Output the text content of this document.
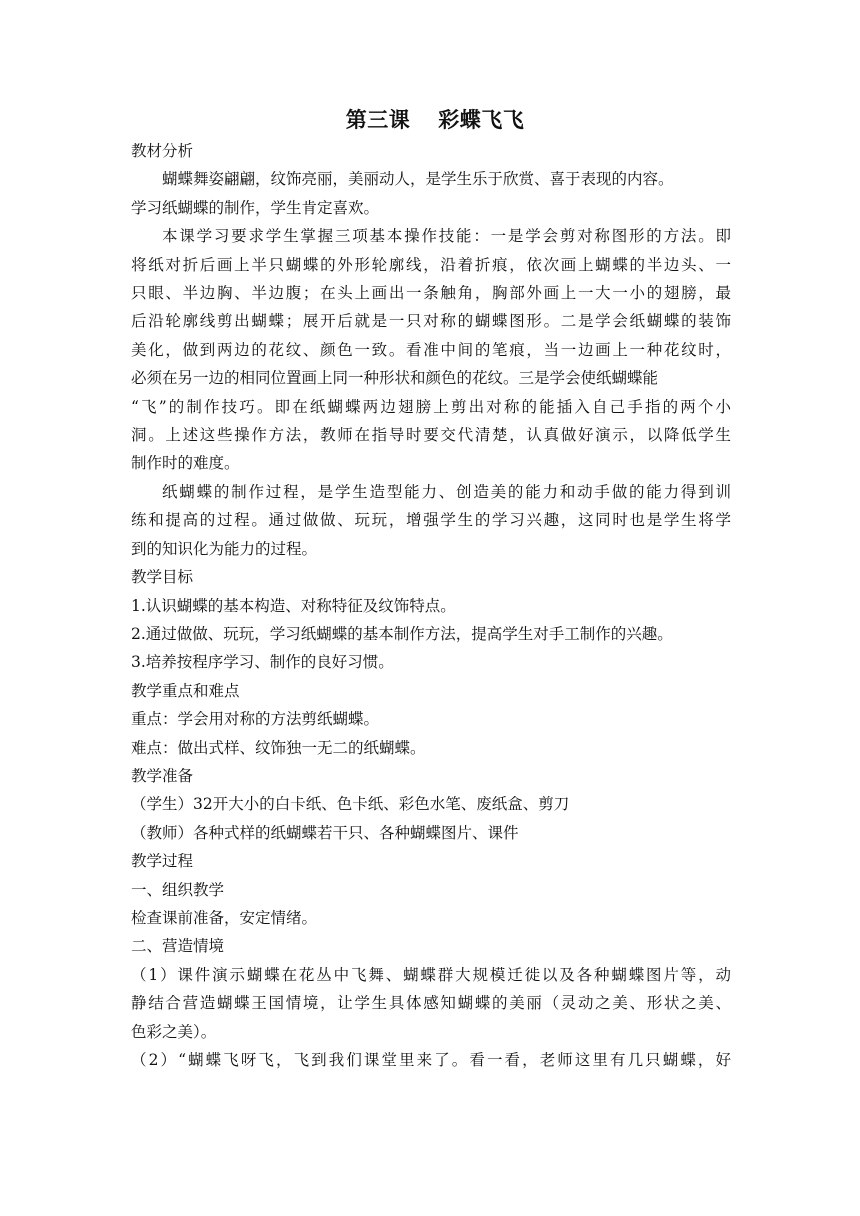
第三课 彩蝶飞飞

教材分析

蝴蝶舞姿翩翩，纹饰亮丽，美丽动人，是学生乐于欣赏、喜于表现的内容。

学习纸蝴蝶的制作，学生肯定喜欢。

本课学习要求学生掌握三项基本操作技能：一是学会剪对称图形的方法。即

将纸对折后画上半只蝴蝶的外形轮廓线，沿着折痕，依次画上蝴蝶的半边头、一

只眼、半边胸、半边腹；在头上画出一条触角，胸部外画上一大一小的翅膀，最

后沿轮廓线剪出蝴蝶；展开后就是一只对称的蝴蝶图形。二是学会纸蝴蝶的装饰

美化，做到两边的花纹、颜色一致。看准中间的笔痕，当一边画上一种花纹时，

必须在另一边的相同位置画上同一种形状和颜色的花纹。三是学会使纸蝴蝶能

“飞”的制作技巧。即在纸蝴蝶两边翅膀上剪出对称的能插入自己手指的两个小

洞。上述这些操作方法，教师在指导时要交代清楚，认真做好演示，以降低学生

制作时的难度。

纸蝴蝶的制作过程，是学生造型能力、创造美的能力和动手做的能力得到训

练和提高的过程。通过做做、玩玩，增强学生的学习兴趣，这同时也是学生将学

到的知识化为能力的过程。

教学目标

1.认识蝴蝶的基本构造、对称特征及纹饰特点。

2.通过做做、玩玩，学习纸蝴蝶的基本制作方法，提高学生对手工制作的兴趣。

3.培养按程序学习、制作的良好习惯。

教学重点和难点

重点：学会用对称的方法剪纸蝴蝶。

难点：做出式样、纹饰独一无二的纸蝴蝶。

教学准备

（学生）32开大小的白卡纸、色卡纸、彩色水笔、废纸盒、剪刀

（教师）各种式样的纸蝴蝶若干只、各种蝴蝶图片、课件

教学过程

一、组织教学

检查课前准备，安定情绪。

二、营造情境

（1）课件演示蝴蝶在花丛中飞舞、蝴蝶群大规模迁徙以及各种蝴蝶图片等，动

静结合营造蝴蝶王国情境，让学生具体感知蝴蝶的美丽（灵动之美、形状之美、

色彩之美）。

（2）“蝴蝶飞呀飞，飞到我们课堂里来了。看一看，老师这里有几只蝴蝶，好
